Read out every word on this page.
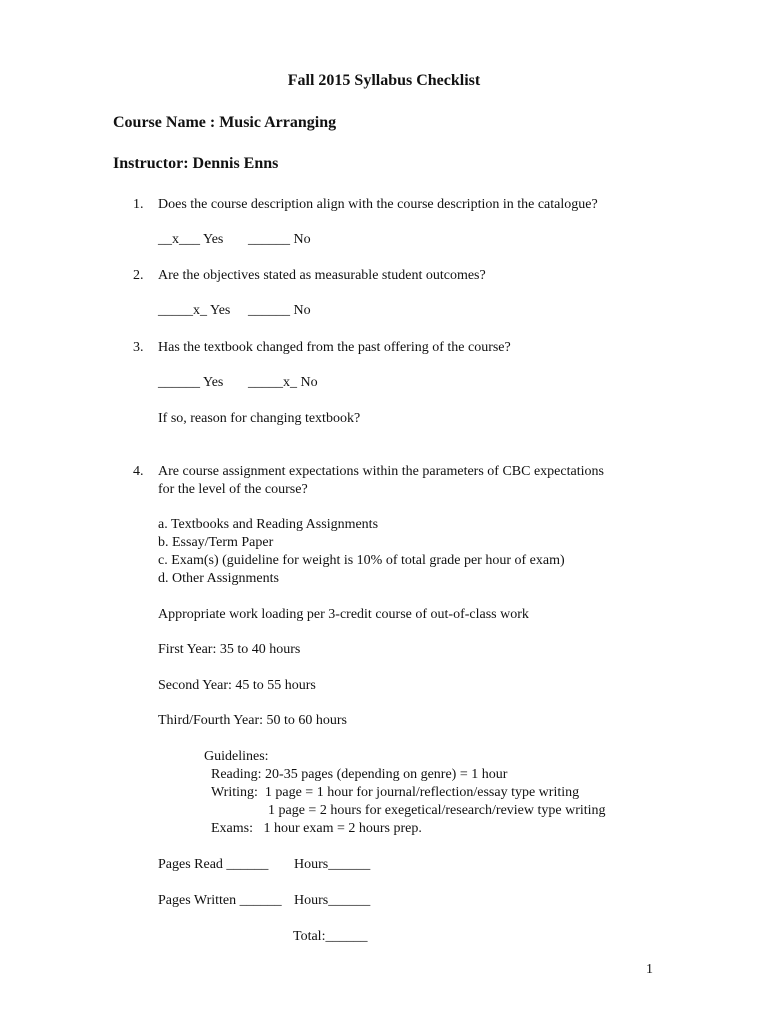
Fall 2015 Syllabus Checklist
Course Name : Music Arranging
Instructor: Dennis Enns
1. Does the course description align with the course description in the catalogue?
__x___ Yes ______ No
2. Are the objectives stated as measurable student outcomes?
_____x_ Yes ______ No
3. Has the textbook changed from the past offering of the course?
______ Yes _____x_ No
If so, reason for changing textbook?
4. Are course assignment expectations within the parameters of CBC expectations
for the level of the course?
a. Textbooks and Reading Assignments
b. Essay/Term Paper
c. Exam(s) (guideline for weight is 10% of total grade per hour of exam)
d. Other Assignments
Appropriate work loading per 3-credit course of out-of-class work
First Year: 35 to 40 hours
Second Year: 45 to 55 hours
Third/Fourth Year: 50 to 60 hours
Guidelines:
Reading: 20-35 pages (depending on genre) = 1 hour
Writing:  1 page = 1 hour for journal/reflection/essay type writing
1 page = 2 hours for exegetical/research/review type writing
Exams:   1 hour exam = 2 hours prep.
Pages Read ______ Hours______
Pages Written ______ Hours______
Total:______
1
